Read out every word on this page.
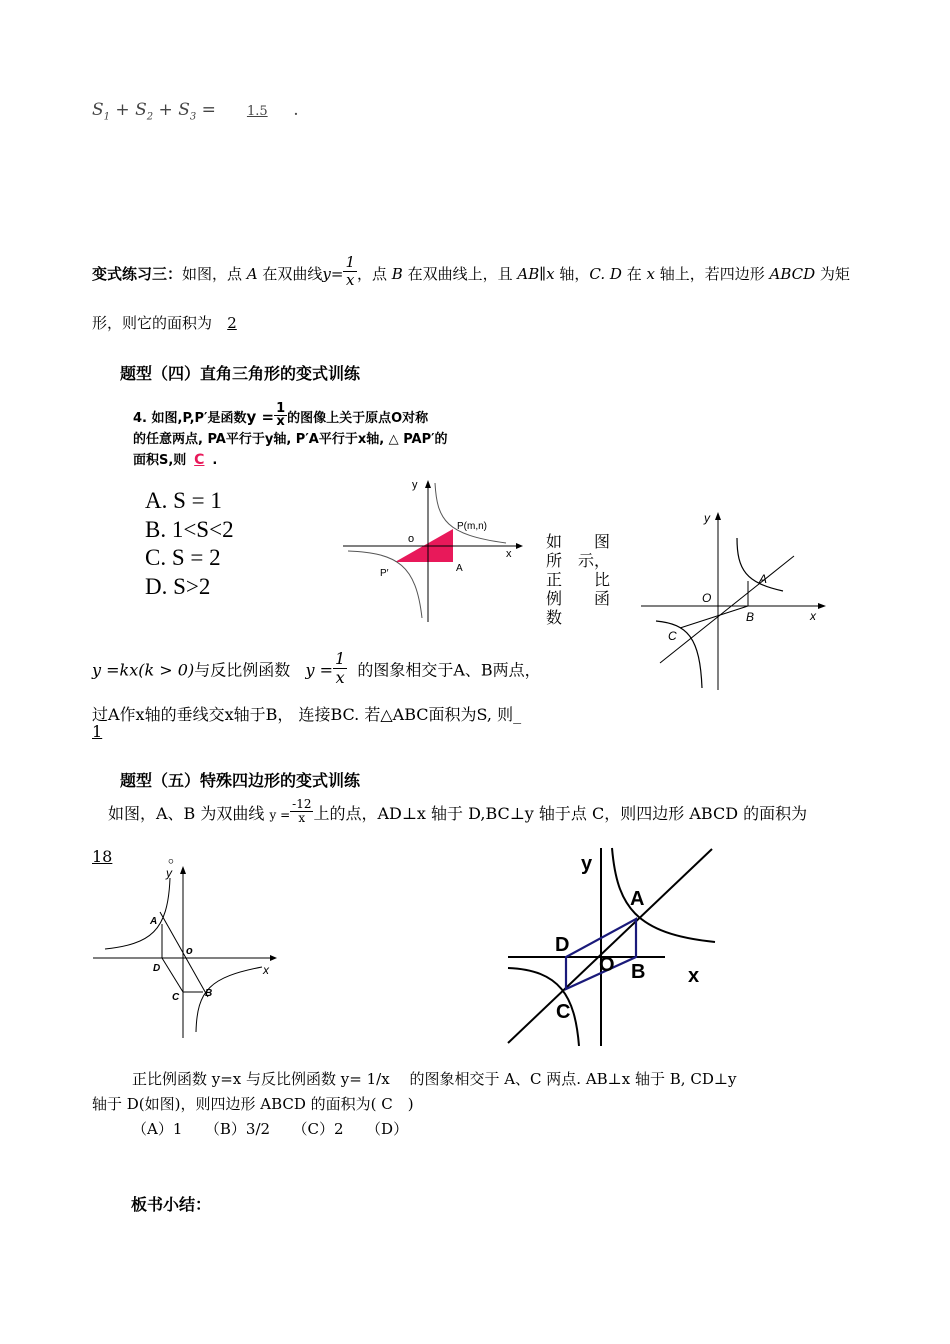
$S_1 + S_2 + S_3 = 1.5$ .
变式练习三：如图，点 A 在双曲线$y= \frac{1}{x}$ ，点 B 在双曲线上，且 AB∥x 轴，C. D 在 x 轴上，若四边形 ABCD 为矩
形，则它的面积为 2
题型（四）直角三角形的变式训练
4. 如图,P,P′是函数$y = \frac{1}{x}$ 的图像上关于原点O对称
的任意两点, PA平行于y轴, P′A平行于x轴, △ PAP′的
面积S,则 C .
A. S = 1
B. 1<S<2
C. S = 2
D. S>2
y
x
o
P(m,n)
A
P′
如　　图
所　示，
正　　比
例　　函
数
y
x
O
A
B
C
y =kx(k > 0)与反比例函数 $y = \frac{1}{x}$ 的图象相交于A、B两点，
过A作x轴的垂线交x轴于B， 连接BC. 若△ABC面积为S, 则_
1
题型（五）特殊四边形的变式训练
如图，A、B 为双曲线 $y = \frac{-12}{x}$ 上的点，AD⊥x 轴于 D,BC⊥y 轴于点 C，则四边形 ABCD 的面积为
18	。
y
x
o
A
D
C	B
y
x
O
A
B
C
D
正比例函数 y=x 与反比例函数 y= 1/x　 的图象相交于 A、C 两点. AB⊥x 轴于 B, CD⊥y
轴于 D(如图)，则四边形 ABCD 的面积为( C　)
（A）1　　（B）3/2　　（C）2　　（D）
板书小结：
